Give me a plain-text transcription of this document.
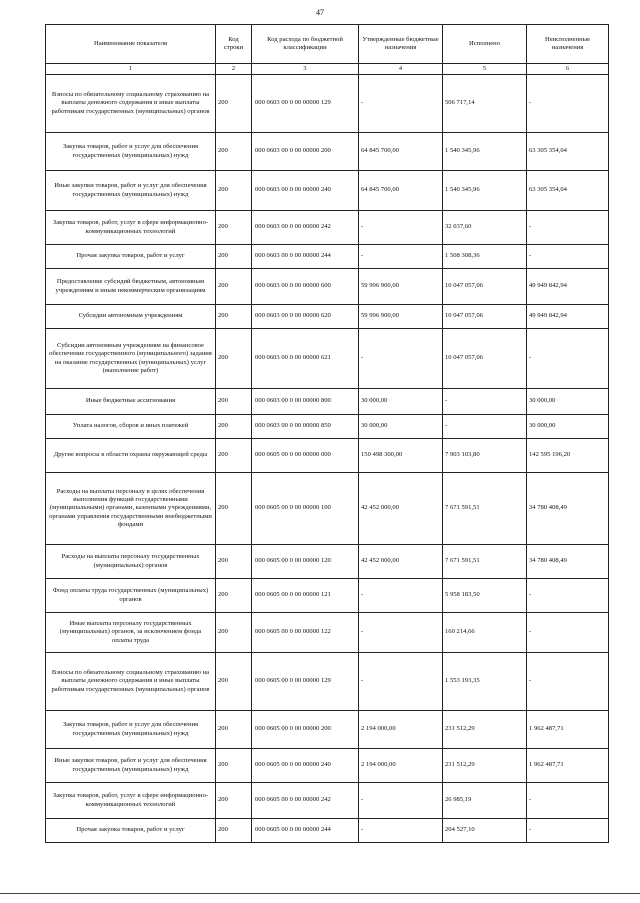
47
Наименование показателя	Код строки	Код расхода по бюджетной классификации	Утвержденные бюджетные назначения	Исполнено	Неисполненные назначения
1	2	3	4	5	6
Взносы по обязательному социальному страхованию на выплаты денежного содержания и иные выплаты работникам государственных (муниципальных) органов	200	000 0603 00 0 00 00000 129	-	506 717,14	-
Закупка товаров, работ и услуг для обеспечения государственных (муниципальных) нужд	200	000 0603 00 0 00 00000 200	64 845 700,00	1 540 345,96	63 305 354,04
Иные закупки товаров, работ и услуг для обеспечения государственных (муниципальных) нужд	200	000 0603 00 0 00 00000 240	64 845 700,00	1 540 345,96	63 305 354,04
Закупка товаров, работ, услуг в сфере информационно-коммуникационных технологий	200	000 0603 00 0 00 00000 242	-	32 037,60	-
Прочая закупка товаров, работ и услуг	200	000 0603 00 0 00 00000 244	-	1 508 308,36	-
Предоставление субсидий бюджетным, автономным учреждениям и иным некоммерческим организациям	200	000 0603 00 0 00 00000 600	59 996 900,00	10 047 057,06	49 949 842,94
Субсидии автономным учреждениям	200	000 0603 00 0 00 00000 620	59 996 900,00	10 047 057,06	49 949 842,94
Субсидии автономным учреждениям на финансовое обеспечение государственного (муниципального) задания на оказание государственных (муниципальных) услуг (выполнение работ)	200	000 0603 00 0 00 00000 621	-	10 047 057,06	-
Иные бюджетные ассигнования	200	000 0603 00 0 00 00000 800	30 000,00	-	30 000,00
Уплата налогов, сборов и иных платежей	200	000 0603 00 0 00 00000 850	30 000,00	-	30 000,00
Другие вопросы в области охраны окружающей среды	200	000 0605 00 0 00 00000 000	150 498 300,00	7 903 103,80	142 595 196,20
Расходы на выплаты персоналу в целях обеспечения выполнения функций государственными (муниципальными) органами, казенными учреждениями, органами управления государственными внебюджетными фондами	200	000 0605 00 0 00 00000 100	42 452 000,00	7 671 591,51	34 780 408,49
Расходы на выплаты персоналу государственных (муниципальных) органов	200	000 0605 00 0 00 00000 120	42 452 000,00	7 671 591,51	34 780 408,49
Фонд оплаты труда государственных (муниципальных) органов	200	000 0605 00 0 00 00000 121	-	5 958 183,50	-
Иные выплаты персоналу государственных (муниципальных) органов, за исключением фонда оплаты труда	200	000 0605 00 0 00 00000 122	-	160 214,66	-
Взносы по обязательному социальному страхованию на выплаты денежного содержания и иные выплаты работникам государственных (муниципальных) органов	200	000 0605 00 0 00 00000 129	-	1 553 193,35	-
Закупка товаров, работ и услуг для обеспечения государственных (муниципальных) нужд	200	000 0605 00 0 00 00000 200	2 194 000,00	231 512,29	1 962 487,71
Иные закупки товаров, работ и услуг для обеспечения государственных (муниципальных) нужд	200	000 0605 00 0 00 00000 240	2 194 000,00	231 512,29	1 962 487,71
Закупка товаров, работ, услуг в сфере информационно-коммуникационных технологий	200	000 0605 00 0 00 00000 242	-	26 985,19	-
Прочая закупка товаров, работ и услуг	200	000 0605 00 0 00 00000 244	-	204 527,10	-
